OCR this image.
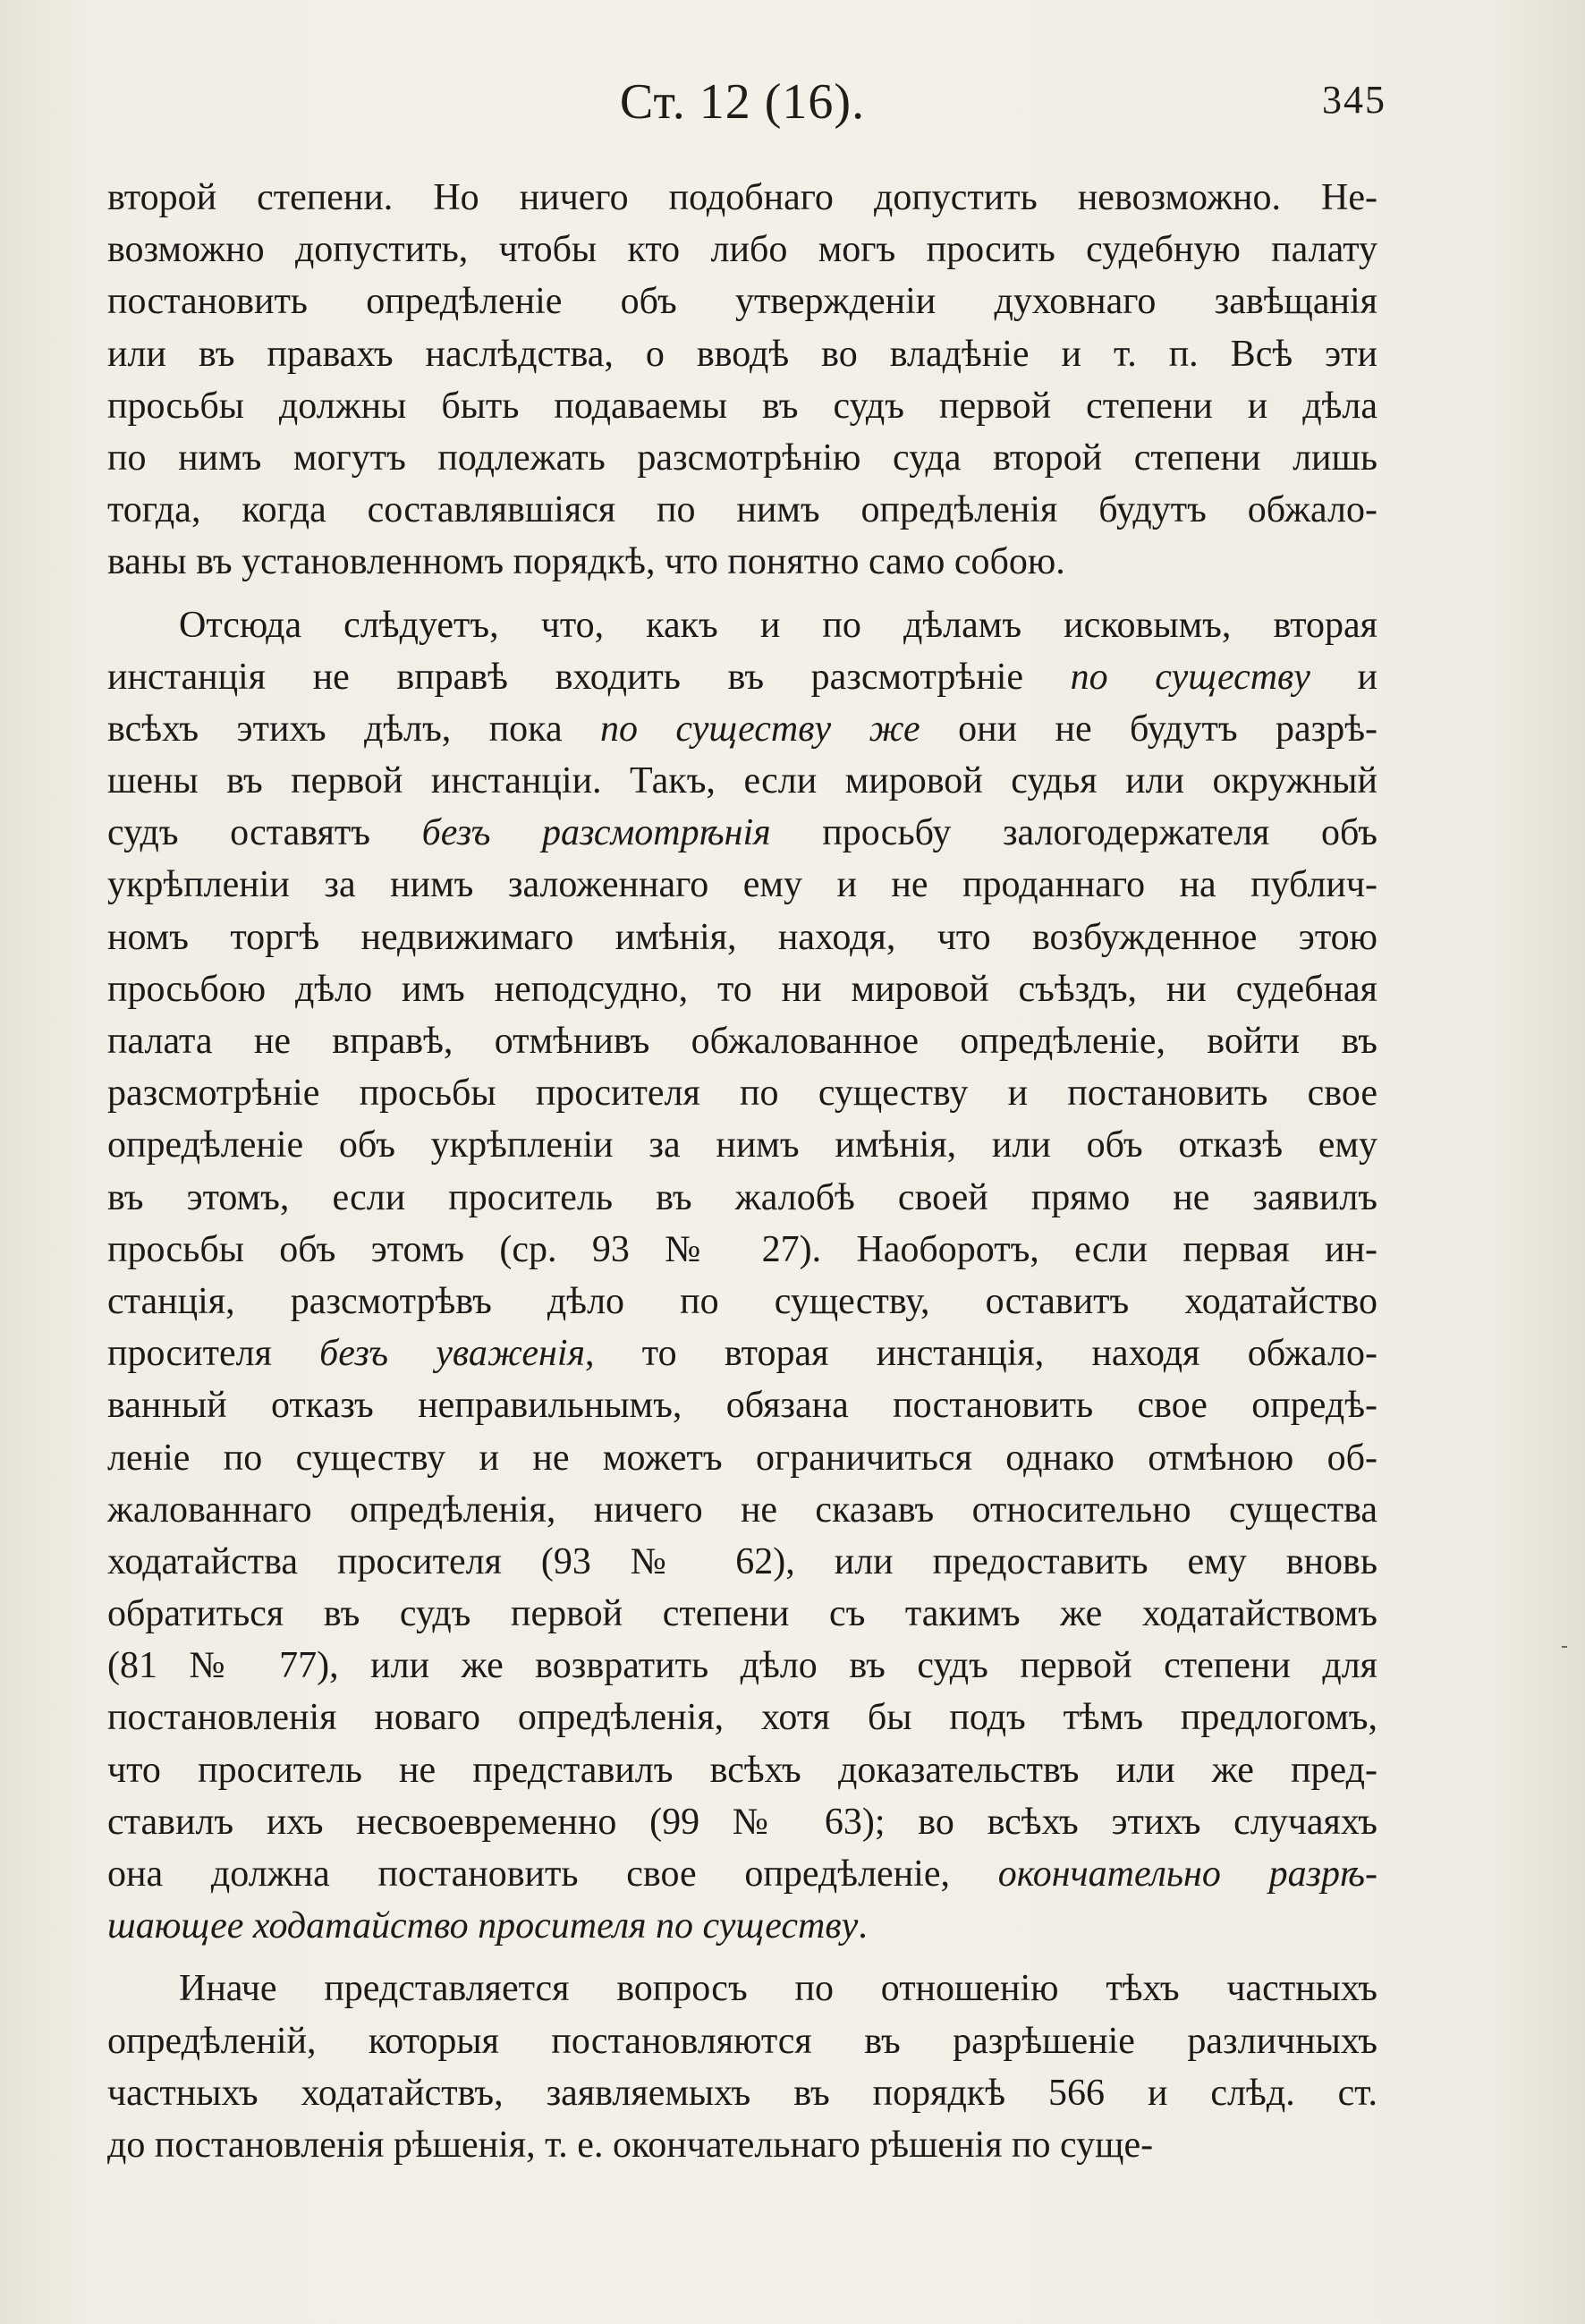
Ст. 12 (16).	345
второй степени. Но ничего подобнаго допустить невозможно. Не-
возможно допустить, чтобы кто либо могъ просить судебную палату
постановить опредѣленіе объ утвержденіи духовнаго завѣщанія
или въ правахъ наслѣдства, о вводѣ во владѣніе и т. п. Всѣ эти
просьбы должны быть подаваемы въ судъ первой степени и дѣла
по нимъ могутъ подлежать разсмотрѣнію суда второй степени лишь
тогда, когда составлявшіяся по нимъ опредѣленія будутъ обжало-
ваны въ установленномъ порядкѣ, что понятно само собою.
Отсюда слѣдуетъ, что, какъ и по дѣламъ исковымъ, вторая
инстанція не вправѣ входить въ разсмотрѣніе по существу и
всѣхъ этихъ дѣлъ, пока по существу же они не будутъ разрѣ-
шены въ первой инстанціи. Такъ, если мировой судья или окружный
судъ оставятъ безъ разсмотрѣнія просьбу залогодержателя объ
укрѣпленіи за нимъ заложеннаго ему и не проданнаго на публич-
номъ торгѣ недвижимаго имѣнія, находя, что возбужденное этою
просьбою дѣло имъ неподсудно, то ни мировой съѣздъ, ни судебная
палата не вправѣ, отмѣнивъ обжалованное опредѣленіе, войти въ
разсмотрѣніе просьбы просителя по существу и постановить свое
опредѣленіе объ укрѣпленіи за нимъ имѣнія, или объ отказѣ ему
въ этомъ, если проситель въ жалобѣ своей прямо не заявилъ
просьбы объ этомъ (ср. 93 № 27). Наоборотъ, если первая ин-
станція, разсмотрѣвъ дѣло по существу, оставитъ ходатайство
просителя безъ уваженія, то вторая инстанція, находя обжало-
ванный отказъ неправильнымъ, обязана постановить свое опредѣ-
леніе по существу и не можетъ ограничиться однако отмѣною об-
жалованнаго опредѣленія, ничего не сказавъ относительно существа
ходатайства просителя (93 № 62), или предоставить ему вновь
обратиться въ судъ первой степени съ такимъ же ходатайствомъ
(81 № 77), или же возвратить дѣло въ судъ первой степени для
постановленія новаго опредѣленія, хотя бы подъ тѣмъ предлогомъ,
что проситель не представилъ всѣхъ доказательствъ или же пред-
ставилъ ихъ несвоевременно (99 № 63); во всѣхъ этихъ случаяхъ
она должна постановить свое опредѣленіе, окончательно разрѣ-
шающее ходатайство просителя по существу.
Иначе представляется вопросъ по отношенію тѣхъ частныхъ
опредѣленій, которыя постановляются въ разрѣшеніе различныхъ
частныхъ ходатайствъ, заявляемыхъ въ порядкѣ 566 и слѣд. ст.
до постановленія рѣшенія, т. е. окончательнаго рѣшенія по суще-
